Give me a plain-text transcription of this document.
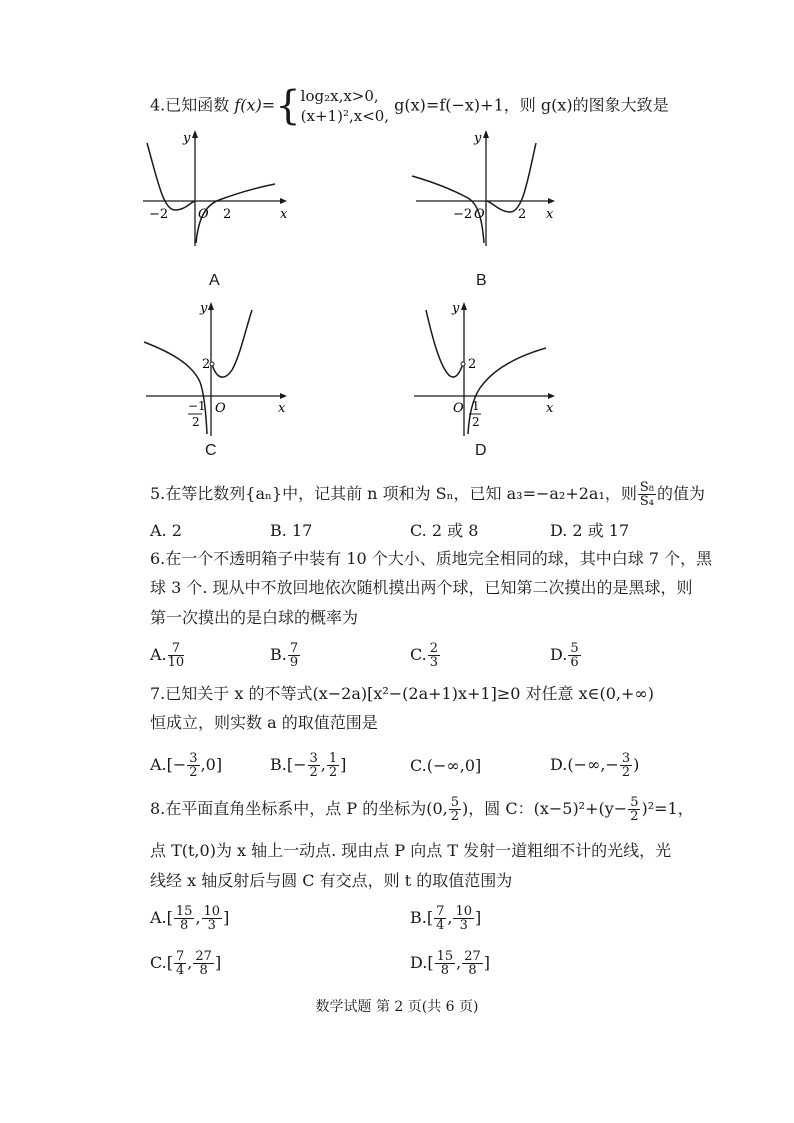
4.已知函数 f(x)={ log₂x,x>0,
(x+1)²,x<0,
g(x)=f(−x)+1，则 g(x)的图象大致是
−2 O 2
y
x
A
−2 O	2
y
x
B
2
O
−1
2
y
x
C
2
O 1
2
y
x
D
5.在等比数列{aₙ}中，记其前 n 项和为 Sₙ，已知 a₃=−a₂+2a₁，则 $\frac{\text{S₈}}{\text{S₄}}$ 的值为
A. 2	B. 17	C. 2 或 8	D. 2 或 17
6.在一个不透明箱子中装有 10 个大小、质地完全相同的球，其中白球 7 个，黑
球 3 个. 现从中不放回地依次随机摸出两个球，已知第二次摸出的是黑球，则
第一次摸出的是白球的概率为
A. $\frac{7}{10}$	B. $\frac{7}{9}$	C. $\frac{2}{3}$	D. $\frac{5}{6}$
7.已知关于 x 的不等式(x−2a)[x²−(2a+1)x+1]≥0 对任意 x∈(0,+∞)
恒成立，则实数 a 的取值范围是
$A.[- \frac{3}{2} ,0]$	$B.[- \frac{3}{2}$ , $\frac{1}{2}$ ]	C.(−∞,0]	$D.(-\infty,- \frac{3}{2}$ )
8.在平面直角坐标系中，点 P 的坐标为(0, $\frac{5}{2}$ )，圆 C：$(x-5)^2+(y- \frac{5}{2} )^2=1$，
点 T(t,0)为 x 轴上一动点. 现由点 P 向点 T 发射一道粗细不计的光线，光
线经 x 轴反射后与圆 C 有交点，则 t 的取值范围为
$A.[ \frac{15}{8}$ , $\frac{10}{3}$ ]	$B.[ \frac{7}{4}$ , $\frac{10}{3}$ ]
$C.[ \frac{7}{4}$ , $\frac{27}{8}$ ]	$D.[ \frac{15}{8}$ , $\frac{27}{8}$ ]
数学试题 第 2 页(共 6 页)
